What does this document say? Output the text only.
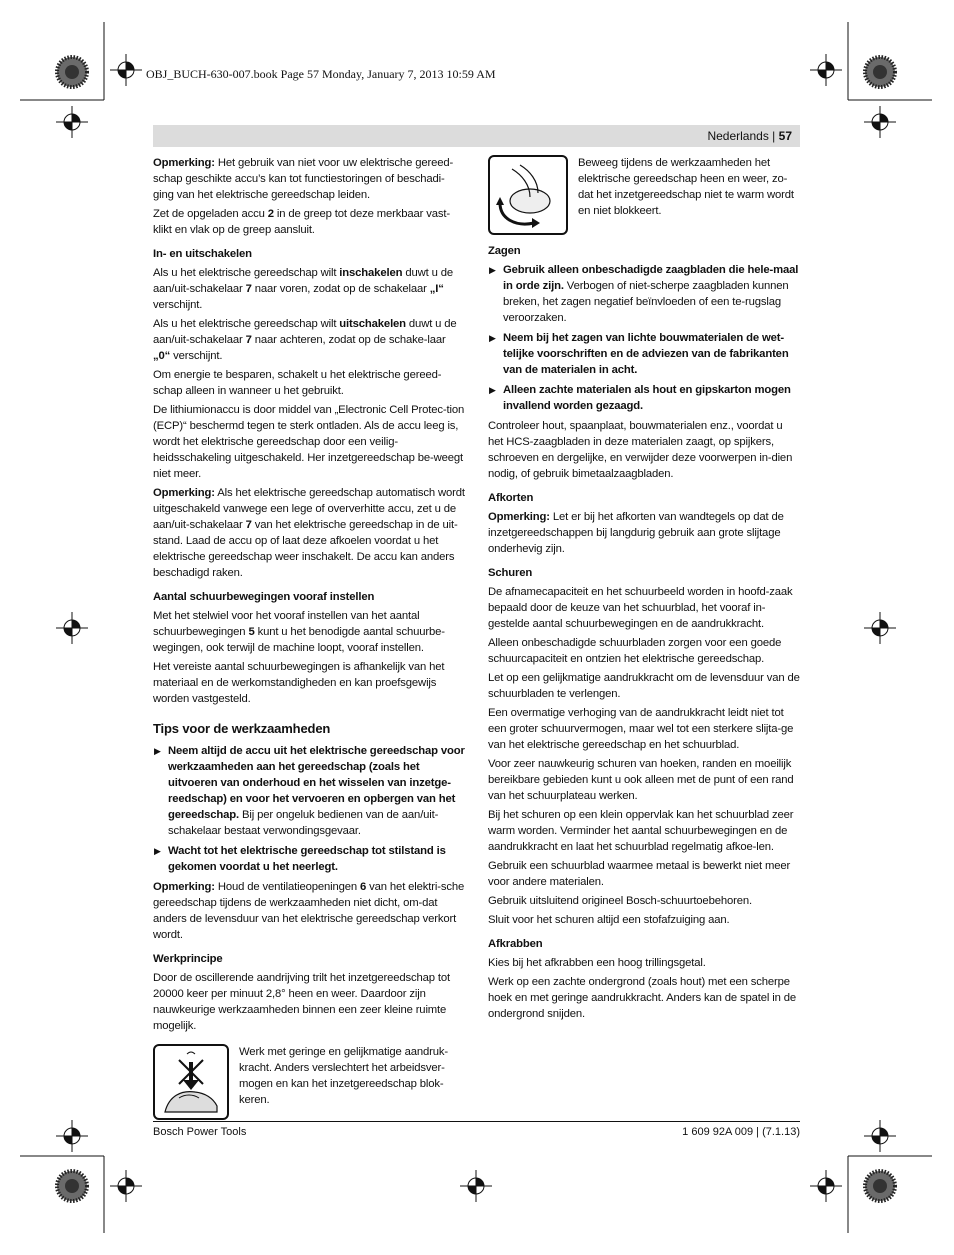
OBJ_BUCH-630-007.book Page 57 Monday, January 7, 2013 10:59 AM
Nederlands | 57

Opmerking: Het gebruik van niet voor uw elektrische gereed-schap geschikte accu’s kan tot functiestoringen of beschadi-ging van het elektrische gereedschap leiden.

Zet de opgeladen accu 2 in de greep tot deze merkbaar vast-klikt en vlak op de greep aansluit.

In- en uitschakelen

Als u het elektrische gereedschap wilt inschakelen duwt u de aan/uit-schakelaar 7 naar voren, zodat op de schakelaar „I“ verschijnt.

Als u het elektrische gereedschap wilt uitschakelen duwt u de aan/uit-schakelaar 7 naar achteren, zodat op de schake-laar „0“ verschijnt.

Om energie te besparen, schakelt u het elektrische gereed-schap alleen in wanneer u het gebruikt.

De lithiumionaccu is door middel van „Electronic Cell Protec-tion (ECP)“ beschermd tegen te sterk ontladen. Als de accu leeg is, wordt het elektrische gereedschap door een veilig-heidsschakeling uitgeschakeld. Her inzetgereedschap be-weegt niet meer.

Opmerking: Als het elektrische gereedschap automatisch wordt uitgeschakeld vanwege een lege of oververhitte accu, zet u de aan/uit-schakelaar 7 van het elektrische gereedschap in de uit-stand. Laad de accu op of laat deze afkoelen voordat u het elektrische gereedschap weer inschakelt. De accu kan anders beschadigd raken.

Aantal schuurbewegingen vooraf instellen

Met het stelwiel voor het vooraf instellen van het aantal schuurbewegingen 5 kunt u het benodigde aantal schuurbe-wegingen, ook terwijl de machine loopt, vooraf instellen.

Het vereiste aantal schuurbewegingen is afhankelijk van het materiaal en de werkomstandigheden en kan proefsgewijs worden vastgesteld.

Tips voor de werkzaamheden
▶ Neem altijd de accu uit het elektrische gereedschap voor werkzaamheden aan het gereedschap (zoals het uitvoeren van onderhoud en het wisselen van inzetge-reedschap) en voor het vervoeren en opbergen van het gereedschap. Bij per ongeluk bedienen van de aan/uit-schakelaar bestaat verwondingsgevaar.
▶ Wacht tot het elektrische gereedschap tot stilstand is gekomen voordat u het neerlegt.

Opmerking: Houd de ventilatieopeningen 6 van het elektri-sche gereedschap tijdens de werkzaamheden niet dicht, om-dat anders de levensduur van het elektrische gereedschap verkort wordt.

Werkprincipe

Door de oscillerende aandrijving trilt het inzetgereedschap tot 20000 keer per minuut 2,8° heen en weer. Daardoor zijn nauwkeurige werkzaamheden binnen een zeer kleine ruimte mogelijk.

Werk met geringe en gelijkmatige aandruk-kracht. Anders verslechtert het arbeidsver-mogen en kan het inzetgereedschap blok-keren.
Beweeg tijdens de werkzaamheden het elektrische gereedschap heen en weer, zo-dat het inzetgereedschap niet te warm wordt en niet blokkeert.
Zagen
▶ Gebruik alleen onbeschadigde zaagbladen die hele-maal in orde zijn. Verbogen of niet-scherpe zaagbladen kunnen breken, het zagen negatief beïnvloeden of een te-rugslag veroorzaken.
▶ Neem bij het zagen van lichte bouwmaterialen de wet-telijke voorschriften en de adviezen van de fabrikanten van de materialen in acht.
▶ Alleen zachte materialen als hout en gipskarton mogen invallend worden gezaagd.

Controleer hout, spaanplaat, bouwmaterialen enz., voordat u het HCS-zaagbladen in deze materialen zaagt, op spijkers, schroeven en dergelijke, en verwijder deze voorwerpen in-dien nodig, of gebruik bimetaalzaagbladen.

Afkorten

Opmerking: Let er bij het afkorten van wandtegels op dat de inzetgereedschappen bij langdurig gebruik aan grote slijtage onderhevig zijn.

Schuren

De afnamecapaciteit en het schuurbeeld worden in hoofd-zaak bepaald door de keuze van het schuurblad, het vooraf in-gestelde aantal schuurbewegingen en de aandrukkracht.

Alleen onbeschadigde schuurbladen zorgen voor een goede schuurcapaciteit en ontzien het elektrische gereedschap.

Let op een gelijkmatige aandrukkracht om de levensduur van de schuurbladen te verlengen.

Een overmatige verhoging van de aandrukkracht leidt niet tot een groter schuurvermogen, maar wel tot een sterkere slijta-ge van het elektrische gereedschap en het schuurblad.

Voor zeer nauwkeurig schuren van hoeken, randen en moeilijk bereikbare gebieden kunt u ook alleen met de punt of een rand van het schuurplateau werken.

Bij het schuren op een klein oppervlak kan het schuurblad zeer warm worden. Verminder het aantal schuurbewegingen en de aandrukkracht en laat het schuurblad regelmatig afkoe-len.

Gebruik een schuurblad waarmee metaal is bewerkt niet meer voor andere materialen.

Gebruik uitsluitend origineel Bosch-schuurtoebehoren.

Sluit voor het schuren altijd een stofafzuiging aan.

Afkrabben

Kies bij het afkrabben een hoog trillingsgetal.

Werk op een zachte ondergrond (zoals hout) met een scherpe hoek en met geringe aandrukkracht. Anders kan de spatel in de ondergrond snijden.

Bosch Power Tools	1 609 92A 009 | (7.1.13)
